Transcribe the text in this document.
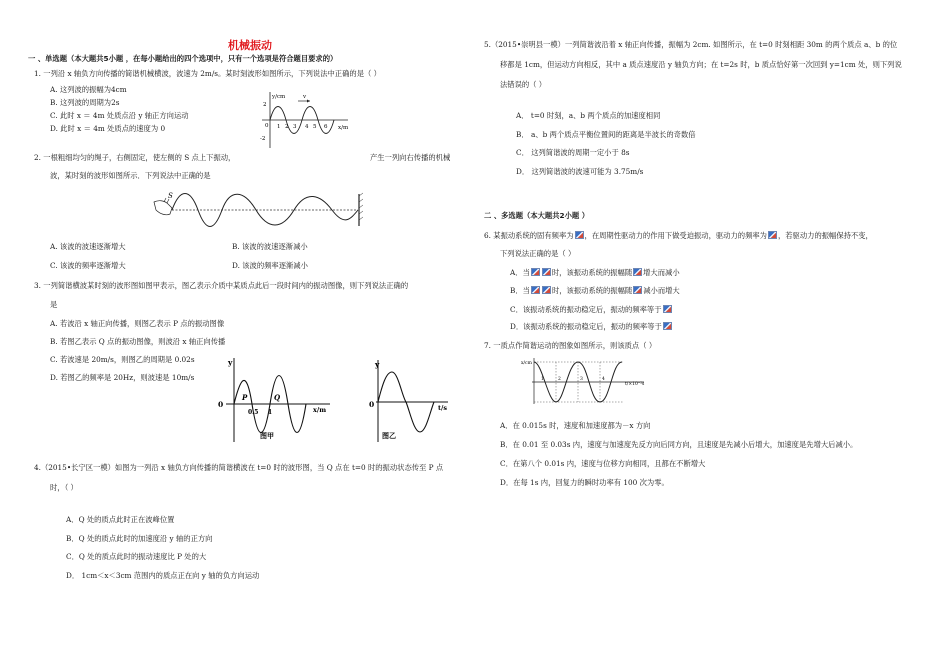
机械振动
一 、单选题（本大题共5小题 ，在每小题给出的四个选项中，只有一个选项是符合题目要求的）
1. 一列沿 x 轴负方向传播的简谐机械横波，波速为 2m/s。某时刻波形如图所示，下列说法中正确的是（ ）
A. 这列波的振幅为4cm
B. 这列波的周期为2s
C. 此时 x ＝ 4m 处质点沿 y 轴正方向运动
D. 此时 x ＝ 4m 处质点的速度为 0
y/cm
x/m
v
2
-2
0 1 2 3 4 5 6
2. 一根粗细均匀的绳子，右侧固定，使左侧的 S 点上下振动，	产生一列向右传播的机械
波，某时刻的波形如图所示．下列说法中正确的是
S
A. 该波的波速逐渐增大	B. 该波的波速逐渐减小
C. 该波的频率逐渐增大	D. 该波的频率逐渐减小
3. 一列简谐横波某时刻的波形图如图甲表示，图乙表示介质中某质点此后一段时间内的振动图像，则下列说法正确的
是
A. 若波沿 x 轴正向传播，则图乙表示 P 点的振动图像
B. 若图乙表示 Q 点的振动图像，则波沿 x 轴正向传播
C. 若波速是 20m/s，则图乙的周期是 0.02s
D. 若图乙的频率是 20Hz，则波速是 10m/s
y
x/m
0
P	Q
0.5 1
图甲
y
t/s
0
图乙
4.（2015•长宁区一模）如图为一列沿 x 轴负方向传播的简谐横波在 t=0 时的波形图，当 Q 点在 t=0 时的振动状态传至 P 点
时，（ ）
A．Q 处的质点此时正在波峰位置
B．Q 处的质点此时的加速度沿 y 轴的正方向
C．Q 处的质点此时的振动速度比 P 处的大
D． 1cm＜x＜3cm 范围内的质点正在向 y 轴的负方向运动
5.（2015•崇明县一模）一列简谐波沿着 x 轴正向传播，振幅为 2cm. 如图所示，在 t=0 时刻相距 30m 的两个质点 a、b 的位
移都是 1cm，但运动方向相反，其中 a 质点速度沿 y 轴负方向；在 t=2s 时，b 质点恰好第一次回到 y=1cm 处，则下列说
法错误的（ ）
A． t=0 时刻，a、b 两个质点的加速度相同
B． a、b 两个质点平衡位置间的距离是半波长的奇数倍
C． 这列简谐波的周期一定小于 8s
D． 这列简谐波的波速可能为 3.75m/s
二 、多选题（本大题共2小题 ）
6. 某振动系统的固有频率为 ，在周期性驱动力的作用下做受迫振动，驱动力的频率为 ，若驱动力的振幅保持不变，
下列说法正确的是（ ）
A．当	时，该振动系统的振幅随 增大而减小
B．当	时，该振动系统的振幅随 减小而增大
C．该振动系统的振动稳定后，振动的频率等于
D．该振动系统的振动稳定后，振动的频率等于
7. 一质点作简谐运动的图象如图所示，则该质点（ ）
x/cm
1	2	3	4
t/×10⁻²s
A．在 0.015s 时，速度和加速度都为－x 方向
B．在 0.01 至 0.03s 内，速度与加速度先反方向后同方向，且速度是先减小后增大，加速度是先增大后减小。
C．在第八个 0.01s 内，速度与位移方向相同，且都在不断增大
D．在每 1s 内，回复力的瞬时功率有 100 次为零。
